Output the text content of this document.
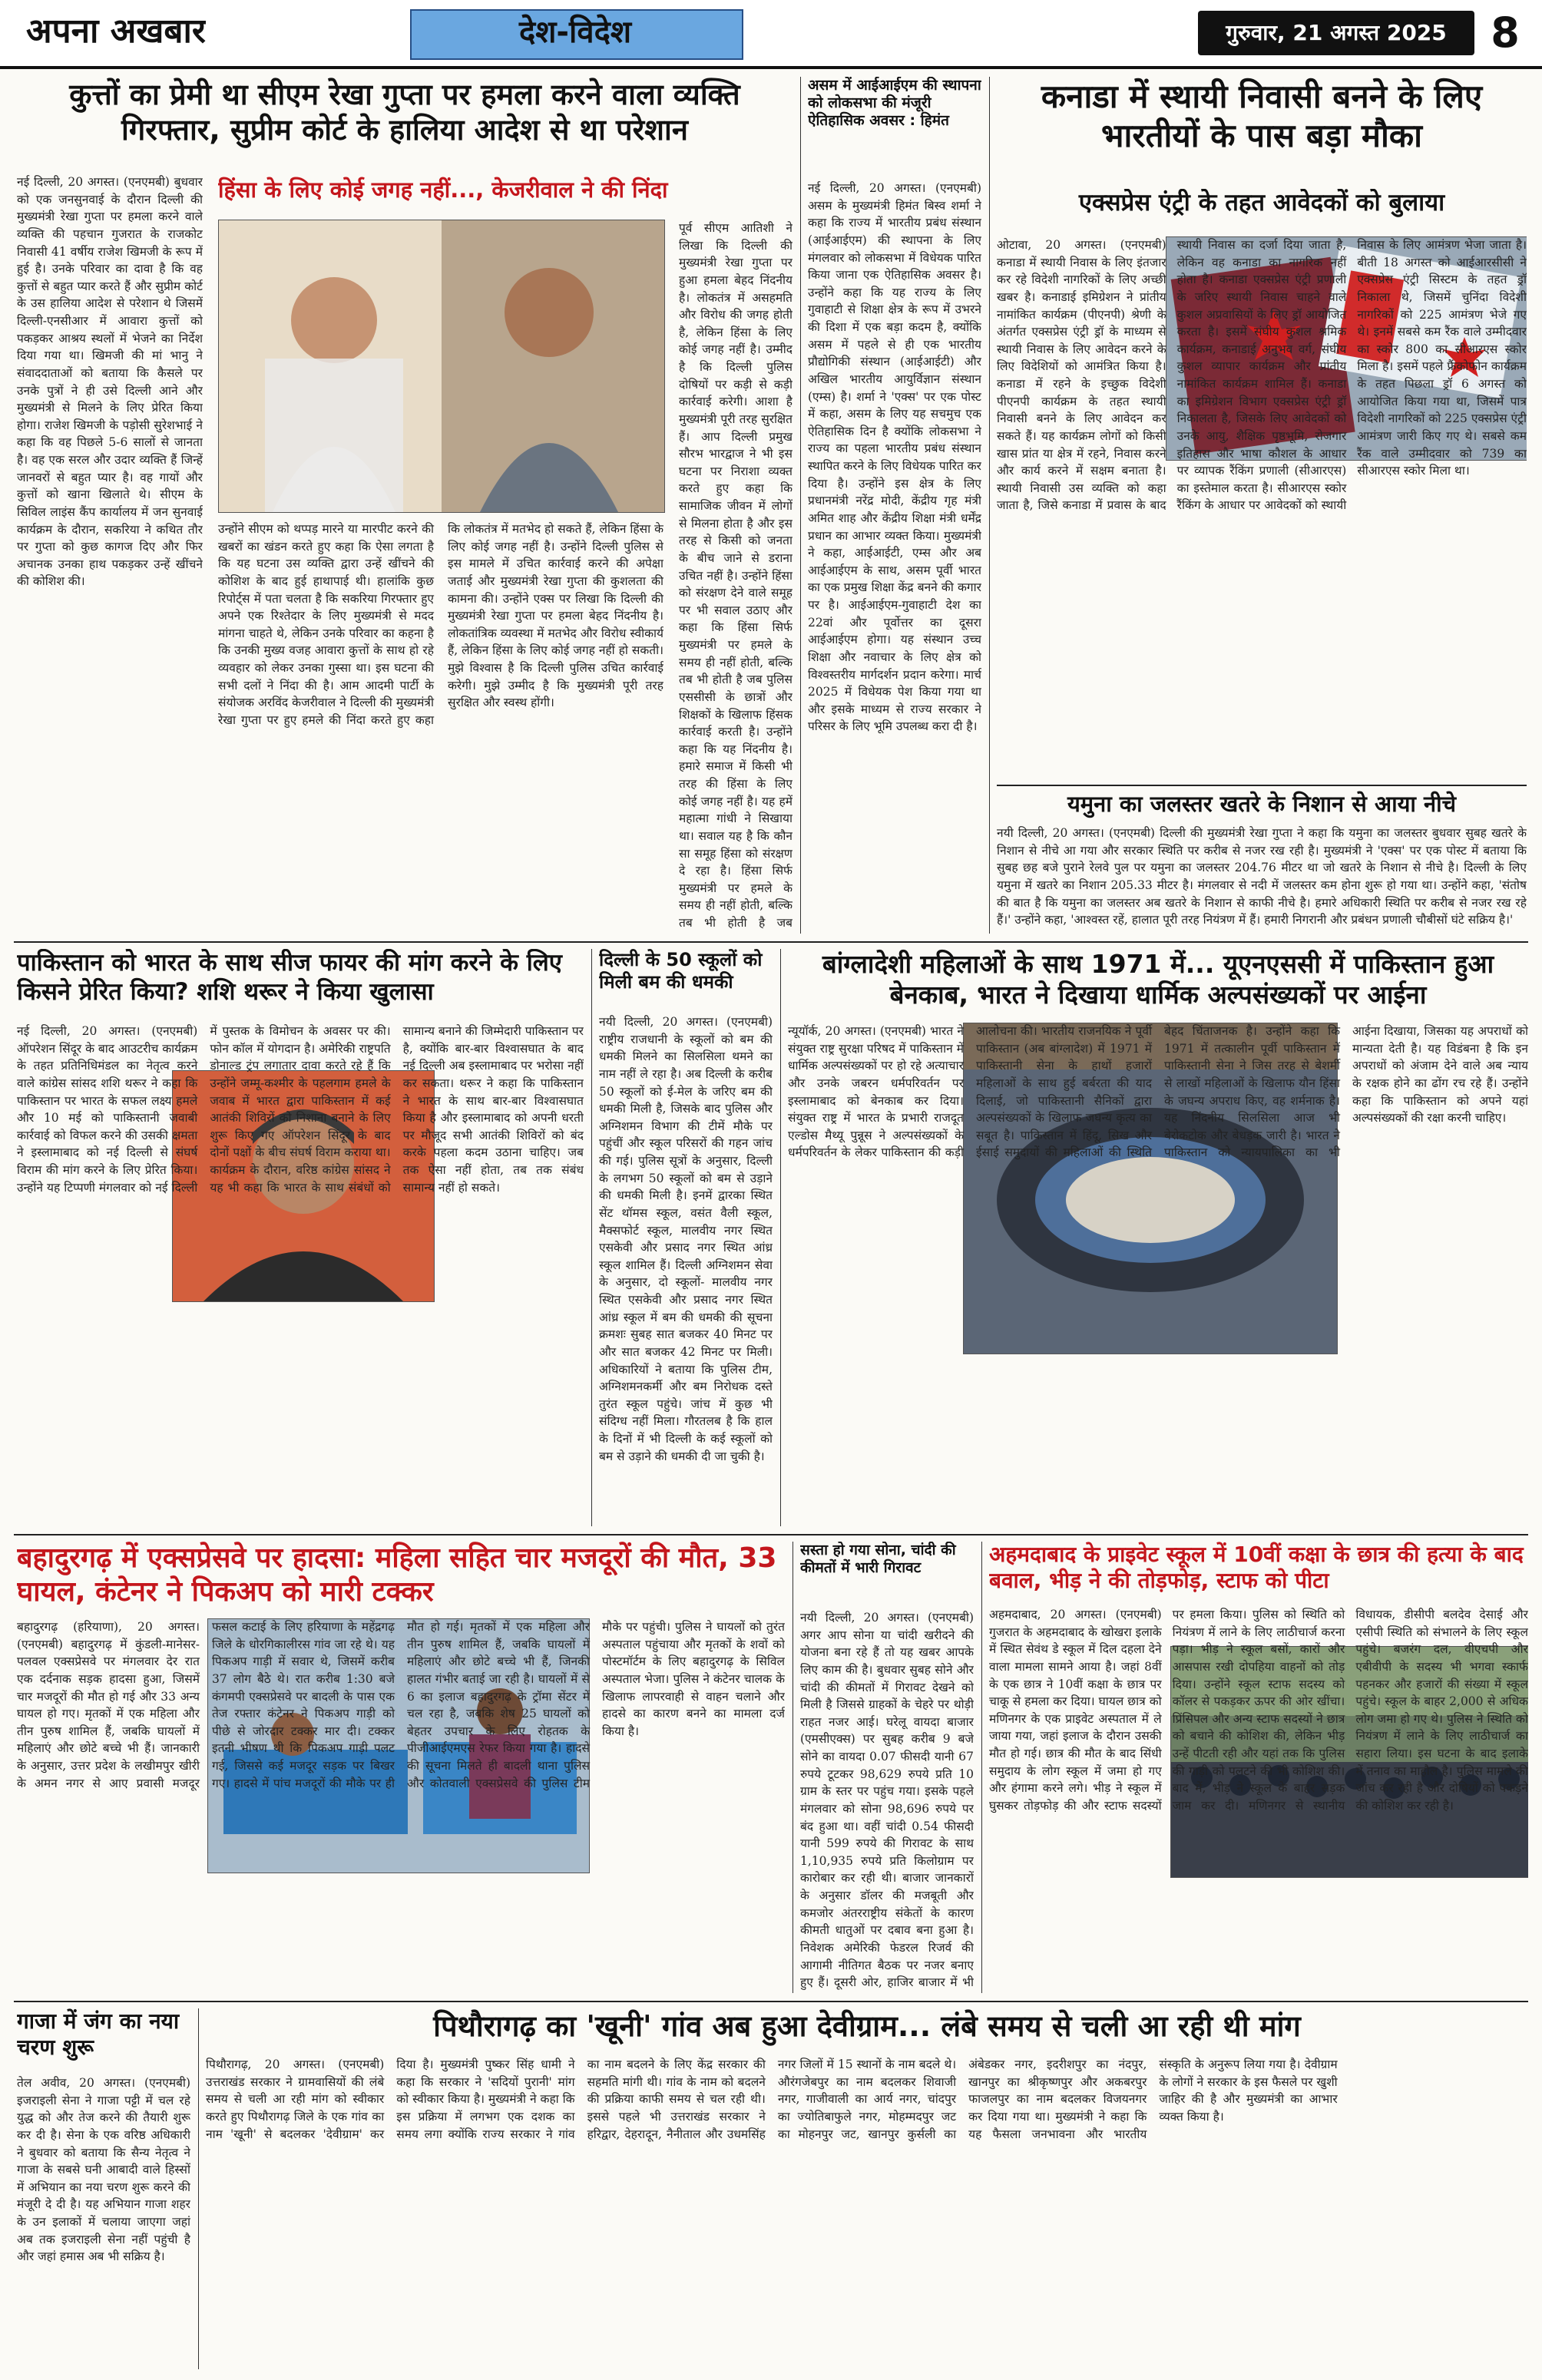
अपना अखबार	देश-विदेश	गुरुवार, 21 अगस्त 2025	8
कुत्तों का प्रेमी था सीएम रेखा गुप्ता पर हमला करने वाला व्यक्ति गिरफ्तार, सुप्रीम कोर्ट के हालिया आदेश से था परेशान
नई दिल्ली, 20 अगस्त। (एनएमबी) बुधवार को एक जनसुनवाई के दौरान दिल्ली की मुख्यमंत्री रेखा गुप्ता पर हमला करने वाले व्यक्ति की पहचान गुजरात के राजकोट निवासी 41 वर्षीय राजेश खिमजी के रूप में हुई है। उनके परिवार का दावा है कि वह कुत्तों से बहुत प्यार करते हैं और सुप्रीम कोर्ट के उस हालिया आदेश से परेशान थे जिसमें दिल्ली-एनसीआर में आवारा कुत्तों को पकड़कर आश्रय स्थलों में भेजने का निर्देश दिया गया था। खिमजी की मां भानु ने संवाददाताओं को बताया कि कैसले पर उनके पुत्रों ने ही उसे दिल्ली आने और मुख्यमंत्री से मिलने के लिए प्रेरित किया होगा। राजेश खिमजी के पड़ोसी सुरेशभाई ने कहा कि वह पिछले 5-6 सालों से जानता है। वह एक सरल और उदार व्यक्ति हैं जिन्हें जानवरों से बहुत प्यार है। वह गायों और कुत्तों को खाना खिलाते थे। सीएम के सिविल लाइंस कैंप कार्यालय में जन सुनवाई कार्यक्रम के दौरान, सकरिया ने कथित तौर पर गुप्ता को कुछ कागज दिए और फिर अचानक उनका हाथ पकड़कर उन्हें खींचने की कोशिश की।
हिंसा के लिए कोई जगह नहीं..., केजरीवाल ने की निंदा
उन्होंने सीएम को थप्पड़ मारने या मारपीट करने की खबरों का खंडन करते हुए कहा कि ऐसा लगता है कि यह घटना उस व्यक्ति द्वारा उन्हें खींचने की कोशिश के बाद हुई हाथापाई थी। हालांकि कुछ रिपोर्ट्स में पता चलता है कि सकरिया गिरफ्तार हुए अपने एक रिश्तेदार के लिए मुख्यमंत्री से मदद मांगना चाहते थे, लेकिन उनके परिवार का कहना है कि उनकी मुख्य वजह आवारा कुत्तों के साथ हो रहे व्यवहार को लेकर उनका गुस्सा था। इस घटना की सभी दलों ने निंदा की है। आम आदमी पार्टी के संयोजक अरविंद केजरीवाल ने दिल्ली की मुख्यमंत्री रेखा गुप्ता पर हुए हमले की निंदा करते हुए कहा कि लोकतंत्र में मतभेद हो सकते हैं, लेकिन हिंसा के लिए कोई जगह नहीं है। उन्होंने दिल्ली पुलिस से इस मामले में उचित कार्रवाई करने की अपेक्षा जताई और मुख्यमंत्री रेखा गुप्ता की कुशलता की कामना की। उन्होंने एक्स पर लिखा कि दिल्ली की मुख्यमंत्री रेखा गुप्ता पर हमला बेहद निंदनीय है। लोकतांत्रिक व्यवस्था में मतभेद और विरोध स्वीकार्य हैं, लेकिन हिंसा के लिए कोई जगह नहीं हो सकती। मुझे विश्वास है कि दिल्ली पुलिस उचित कार्रवाई करेगी। मुझे उम्मीद है कि मुख्यमंत्री पूरी तरह सुरक्षित और स्वस्थ होंगी।
पूर्व सीएम आतिशी ने लिखा कि दिल्ली की मुख्यमंत्री रेखा गुप्ता पर हुआ हमला बेहद निंदनीय है। लोकतंत्र में असहमति और विरोध की जगह होती है, लेकिन हिंसा के लिए कोई जगह नहीं है। उम्मीद है कि दिल्ली पुलिस दोषियों पर कड़ी से कड़ी कार्रवाई करेगी। आशा है मुख्यमंत्री पूरी तरह सुरक्षित हैं। आप दिल्ली प्रमुख सौरभ भारद्वाज ने भी इस घटना पर निराशा व्यक्त करते हुए कहा कि सामाजिक जीवन में लोगों से मिलना होता है और इस तरह से किसी को जनता के बीच जाने से डराना उचित नहीं है। उन्होंने हिंसा को संरक्षण देने वाले समूह पर भी सवाल उठाए और कहा कि हिंसा सिर्फ मुख्यमंत्री पर हमले के समय ही नहीं होती, बल्कि तब भी होती है जब पुलिस एससीसी के छात्रों और शिक्षकों के खिलाफ हिंसक कार्रवाई करती है। उन्होंने कहा कि यह निंदनीय है। हमारे समाज में किसी भी तरह की हिंसा के लिए कोई जगह नहीं है। यह हमें महात्मा गांधी ने सिखाया था। सवाल यह है कि कौन सा समूह हिंसा को संरक्षण दे रहा है। हिंसा सिर्फ मुख्यमंत्री पर हमले के समय ही नहीं होती, बल्कि तब भी होती है जब
असम में आईआईएम की स्थापना को लोकसभा की मंजूरी ऐतिहासिक अवसर : हिमंत
नई दिल्ली, 20 अगस्त। (एनएमबी) असम के मुख्यमंत्री हिमंत बिस्व शर्मा ने कहा कि राज्य में भारतीय प्रबंध संस्थान (आईआईएम) की स्थापना के लिए मंगलवार को लोकसभा में विधेयक पारित किया जाना एक ऐतिहासिक अवसर है। उन्होंने कहा कि यह राज्य के लिए गुवाहाटी से शिक्षा क्षेत्र के रूप में उभरने की दिशा में एक बड़ा कदम है, क्योंकि असम में पहले से ही एक भारतीय प्रौद्योगिकी संस्थान (आईआईटी) और अखिल भारतीय आयुर्विज्ञान संस्थान (एम्स) है। शर्मा ने 'एक्स' पर एक पोस्ट में कहा, असम के लिए यह सचमुच एक ऐतिहासिक दिन है क्योंकि लोकसभा ने राज्य का पहला भारतीय प्रबंध संस्थान स्थापित करने के लिए विधेयक पारित कर दिया है। उन्होंने इस क्षेत्र के लिए प्रधानमंत्री नरेंद्र मोदी, केंद्रीय गृह मंत्री अमित शाह और केंद्रीय शिक्षा मंत्री धर्मेंद्र प्रधान का आभार व्यक्त किया। मुख्यमंत्री ने कहा, आईआईटी, एम्स और अब आईआईएम के साथ, असम पूर्वी भारत का एक प्रमुख शिक्षा केंद्र बनने की कगार पर है। आईआईएम-गुवाहाटी देश का 22वां और पूर्वोत्तर का दूसरा आईआईएम होगा। यह संस्थान उच्च शिक्षा और नवाचार के लिए क्षेत्र को विश्वस्तरीय मार्गदर्शन प्रदान करेगा। मार्च 2025 में विधेयक पेश किया गया था और इसके माध्यम से राज्य सरकार ने परिसर के लिए भूमि उपलब्ध करा दी है।
कनाडा में स्थायी निवासी बनने के लिए भारतीयों के पास बड़ा मौका
एक्सप्रेस एंट्री के तहत आवेदकों को बुलाया
ओटावा, 20 अगस्त। (एनएमबी) कनाडा में स्थायी निवास के लिए इंतजार कर रहे विदेशी नागरिकों के लिए अच्छी खबर है। कनाडाई इमिग्रेशन ने प्रांतीय नामांकित कार्यक्रम (पीएनपी) श्रेणी के अंतर्गत एक्सप्रेस एंट्री ड्रॉ के माध्यम से स्थायी निवास के लिए आवेदन करने के लिए विदेशियों को आमंत्रित किया है। कनाडा में रहने के इच्छुक विदेशी पीएनपी कार्यक्रम के तहत स्थायी निवासी बनने के लिए आवेदन कर सकते हैं। यह कार्यक्रम लोगों को किसी खास प्रांत या क्षेत्र में रहने, निवास करने और कार्य करने में सक्षम बनाता है। स्थायी निवासी उस व्यक्ति को कहा जाता है, जिसे कनाडा में प्रवास के बाद स्थायी निवास का दर्जा दिया जाता है, लेकिन वह कनाडा का नागरिक नहीं होता है। कनाडा एक्सप्रेस एंट्री प्रणाली के जरिए स्थायी निवास चाहने वाले कुशल अप्रवासियों के लिए ड्रॉ आयोजित करता है। इसमें संघीय कुशल श्रमिक कार्यक्रम, कनाडाई अनुभव वर्ग, संघीय कुशल व्यापार कार्यक्रम और प्रांतीय नामांकित कार्यक्रम शामिल हैं। कनाडा का इमिग्रेशन विभाग एक्सप्रेस एंट्री ड्रॉ निकालता है, जिसके लिए आवेदकों को उनके आयु, शैक्षिक पृष्ठभूमि, रोजगार इतिहास और भाषा कौशल के आधार पर व्यापक रैंकिंग प्रणाली (सीआरएस) का इस्तेमाल करता है। सीआरएस स्कोर रैंकिंग के आधार पर आवेदकों को स्थायी निवास के लिए आमंत्रण भेजा जाता है। बीती 18 अगस्त को आईआरसीसी ने एक्सप्रेस एंट्री सिस्टम के तहत ड्रॉ निकाला थे, जिसमें चुनिंदा विदेशी नागरिकों को 225 आमंत्रण भेजे गए थे। इनमें सबसे कम रैंक वाले उम्मीदवार का स्कोर 800 का सीआरएस स्कोर मिला है। इसमें पहले फ्रैंकोफोन कार्यक्रम के तहत पिछला ड्रॉ 6 अगस्त को आयोजित किया गया था, जिसमें पात्र विदेशी नागरिकों को 225 एक्सप्रेस एंट्री आमंत्रण जारी किए गए थे। सबसे कम रैंक वाले उम्मीदवार को 739 का सीआरएस स्कोर मिला था।
यमुना का जलस्तर खतरे के निशान से आया नीचे
नयी दिल्ली, 20 अगस्त। (एनएमबी) दिल्ली की मुख्यमंत्री रेखा गुप्ता ने कहा कि यमुना का जलस्तर बुधवार सुबह खतरे के निशान से नीचे आ गया और सरकार स्थिति पर करीब से नजर रख रही है। मुख्यमंत्री ने 'एक्स' पर एक पोस्ट में बताया कि सुबह छह बजे पुराने रेलवे पुल पर यमुना का जलस्तर 204.76 मीटर था जो खतरे के निशान से नीचे है। दिल्ली के लिए यमुना में खतरे का निशान 205.33 मीटर है। मंगलवार से नदी में जलस्तर कम होना शुरू हो गया था। उन्होंने कहा, 'संतोष की बात है कि यमुना का जलस्तर अब खतरे के निशान से काफी नीचे है। हमारे अधिकारी स्थिति पर करीब से नजर रख रहे हैं।' उन्होंने कहा, 'आश्वस्त रहें, हालात पूरी तरह नियंत्रण में हैं। हमारी निगरानी और प्रबंधन प्रणाली चौबीसों घंटे सक्रिय है।'
पाकिस्तान को भारत के साथ सीज फायर की मांग करने के लिए किसने प्रेरित किया? शशि थरूर ने किया खुलासा
नई दिल्ली, 20 अगस्त। (एनएमबी) ऑपरेशन सिंदूर के बाद आउटरीच कार्यक्रम के तहत प्रतिनिधिमंडल का नेतृत्व करने वाले कांग्रेस सांसद शशि थरूर ने कहा कि पाकिस्तान पर भारत के सफल लक्ष्य हमले और 10 मई को पाकिस्तानी जवाबी कार्रवाई को विफल करने की उसकी क्षमता ने इस्लामाबाद को नई दिल्ली से संघर्ष विराम की मांग करने के लिए प्रेरित किया। उन्होंने यह टिप्पणी मंगलवार को नई दिल्ली में पुस्तक के विमोचन के अवसर पर की। फोन कॉल में योगदान है। अमेरिकी राष्ट्रपति डोनाल्ड ट्रंप लगातार दावा करते रहे हैं कि उन्होंने जम्मू-कश्मीर के पहलगाम हमले के जवाब में भारत द्वारा पाकिस्तान में कई आतंकी शिविरों को निशाना बनाने के लिए शुरू किए गए ऑपरेशन सिंदूर के बाद दोनों पक्षों के बीच संघर्ष विराम कराया था। कार्यक्रम के दौरान, वरिष्ठ कांग्रेस सांसद ने यह भी कहा कि भारत के साथ संबंधों को सामान्य बनाने की जिम्मेदारी पाकिस्तान पर है, क्योंकि बार-बार विश्वासघात के बाद नई दिल्ली अब इस्लामाबाद पर भरोसा नहीं कर सकता। थरूर ने कहा कि पाकिस्तान ने भारत के साथ बार-बार विश्वासघात किया है और इस्लामाबाद को अपनी धरती पर मौजूद सभी आतंकी शिविरों को बंद करके पहला कदम उठाना चाहिए। जब तक ऐसा नहीं होता, तब तक संबंध सामान्य नहीं हो सकते।
दिल्ली के 50 स्कूलों को मिली बम की धमकी
नयी दिल्ली, 20 अगस्त। (एनएमबी) राष्ट्रीय राजधानी के स्कूलों को बम की धमकी मिलने का सिलसिला थमने का नाम नहीं ले रहा है। अब दिल्ली के करीब 50 स्कूलों को ई-मेल के जरिए बम की धमकी मिली है, जिसके बाद पुलिस और अग्निशमन विभाग की टीमें मौके पर पहुंचीं और स्कूल परिसरों की गहन जांच की गई। पुलिस सूत्रों के अनुसार, दिल्ली के लगभग 50 स्कूलों को बम से उड़ाने की धमकी मिली है। इनमें द्वारका स्थित सेंट थॉमस स्कूल, वसंत वैली स्कूल, मैक्सफोर्ट स्कूल, मालवीय नगर स्थित एसकेवी और प्रसाद नगर स्थित आंध्र स्कूल शामिल हैं। दिल्ली अग्निशमन सेवा के अनुसार, दो स्कूलों- मालवीय नगर स्थित एसकेवी और प्रसाद नगर स्थित आंध्र स्कूल में बम की धमकी की सूचना क्रमशः सुबह सात बजकर 40 मिनट पर और सात बजकर 42 मिनट पर मिली। अधिकारियों ने बताया कि पुलिस टीम, अग्निशमनकर्मी और बम निरोधक दस्ते तुरंत स्कूल पहुंचे। जांच में कुछ भी संदिग्ध नहीं मिला। गौरतलब है कि हाल के दिनों में भी दिल्ली के कई स्कूलों को बम से उड़ाने की धमकी दी जा चुकी है।
बांग्लादेशी महिलाओं के साथ 1971 में... यूएनएससी में पाकिस्तान हुआ बेनकाब, भारत ने दिखाया धार्मिक अल्पसंख्यकों पर आईना
न्यूयॉर्क, 20 अगस्त। (एनएमबी) भारत ने संयुक्त राष्ट्र सुरक्षा परिषद में पाकिस्तान में धार्मिक अल्पसंख्यकों पर हो रहे अत्याचार और उनके जबरन धर्मपरिवर्तन पर इस्लामाबाद को बेनकाब कर दिया। संयुक्त राष्ट्र में भारत के प्रभारी राजदूत एल्डोस मैथ्यू पुन्नूस ने अल्पसंख्यकों के धर्मपरिवर्तन के लेकर पाकिस्तान की कड़ी आलोचना की। भारतीय राजनयिक ने पूर्वी पाकिस्तान (अब बांग्लादेश) में 1971 में पाकिस्तानी सेना के हाथों हजारों महिलाओं के साथ हुई बर्बरता की याद दिलाई, जो पाकिस्तानी सैनिकों द्वारा अल्पसंख्यकों के खिलाफ जघन्य कृत्य का सबूत है। पाकिस्तान में हिंदू, सिख और ईसाई समुदायों की महिलाओं की स्थिति बेहद चिंताजनक है। उन्होंने कहा कि 1971 में तत्कालीन पूर्वी पाकिस्तान में पाकिस्तानी सेना ने जिस तरह से बेशर्मी से लाखों महिलाओं के खिलाफ यौन हिंसा के जघन्य अपराध किए, वह शर्मनाक है। यह निंदनीय सिलसिला आज भी बेरोकटोक और बेधड़क जारी है। भारत ने पाकिस्तान को न्यायपालिका का भी आईना दिखाया, जिसका यह अपराधों को मान्यता देती है। यह विडंबना है कि इन अपराधों को अंजाम देने वाले अब न्याय के रक्षक होने का ढोंग रच रहे हैं। उन्होंने कहा कि पाकिस्तान को अपने यहां अल्पसंख्यकों की रक्षा करनी चाहिए।
बहादुरगढ़ में एक्सप्रेसवे पर हादसा: महिला सहित चार मजदूरों की मौत, 33 घायल, कंटेनर ने पिकअप को मारी टक्कर
बहादुरगढ़ (हरियाणा), 20 अगस्त। (एनएमबी) बहादुरगढ़ में कुंडली-मानेसर-पलवल एक्सप्रेसवे पर मंगलवार देर रात एक दर्दनाक सड़क हादसा हुआ, जिसमें चार मजदूरों की मौत हो गई और 33 अन्य घायल हो गए। मृतकों में एक महिला और तीन पुरुष शामिल हैं, जबकि घायलों में महिलाएं और छोटे बच्चे भी हैं। जानकारी के अनुसार, उत्तर प्रदेश के लखीमपुर खीरी के अमन नगर से आए प्रवासी मजदूर फसल कटाई के लिए हरियाणा के महेंद्रगढ़ जिले के धोरगिकालीरस गांव जा रहे थे। यह पिकअप गाड़ी में सवार थे, जिसमें करीब 37 लोग बैठे थे। रात करीब 1:30 बजे कंगमपी एक्सप्रेसवे पर बादली के पास एक तेज रफ्तार कंटेनर ने पिकअप गाड़ी को पीछे से जोरदार टक्कर मार दी। टक्कर इतनी भीषण थी कि पिकअप गाड़ी पलट गई, जिससे कई मजदूर सड़क पर बिखर गए। हादसे में पांच मजदूरों की मौके पर ही मौत हो गई। मृतकों में एक महिला और तीन पुरुष शामिल हैं, जबकि घायलों में महिलाएं और छोटे बच्चे भी हैं, जिनकी हालत गंभीर बताई जा रही है। घायलों में से 6 का इलाज बहादुरगढ़ के ट्रॉमा सेंटर में चल रहा है, जबकि शेष 25 घायलों को बेहतर उपचार के लिए रोहतक के पीजीआईएमएस रेफर किया गया है। हादसे की सूचना मिलते ही बादली थाना पुलिस और कोतवाली एक्सप्रेसवे की पुलिस टीम मौके पर पहुंची। पुलिस ने घायलों को तुरंत अस्पताल पहुंचाया और मृतकों के शवों को पोस्टमॉर्टम के लिए बहादुरगढ़ के सिविल अस्पताल भेजा। पुलिस ने कंटेनर चालक के खिलाफ लापरवाही से वाहन चलाने और हादसे का कारण बनने का मामला दर्ज किया है।
सस्ता हो गया सोना, चांदी की कीमतों में भारी गिरावट
नयी दिल्ली, 20 अगस्त। (एनएमबी) अगर आप सोना या चांदी खरीदने की योजना बना रहे हैं तो यह खबर आपके लिए काम की है। बुधवार सुबह सोने और चांदी की कीमतों में गिरावट देखने को मिली है जिससे ग्राहकों के चेहरे पर थोड़ी राहत नजर आई। घरेलू वायदा बाजार (एमसीएक्स) पर सुबह करीब 9 बजे सोने का वायदा 0.07 फीसदी यानी 67 रुपये टूटकर 98,629 रुपये प्रति 10 ग्राम के स्तर पर पहुंच गया। इसके पहले मंगलवार को सोना 98,696 रुपये पर बंद हुआ था। वहीं चांदी 0.54 फीसदी यानी 599 रुपये की गिरावट के साथ 1,10,935 रुपये प्रति किलोग्राम पर कारोबार कर रही थी। बाजार जानकारों के अनुसार डॉलर की मजबूती और कमजोर अंतरराष्ट्रीय संकेतों के कारण कीमती धातुओं पर दबाव बना हुआ है। निवेशक अमेरिकी फेडरल रिजर्व की आगामी नीतिगत बैठक पर नजर बनाए हुए हैं। दूसरी ओर, हाजिर बाजार में भी
अहमदाबाद के प्राइवेट स्कूल में 10वीं कक्षा के छात्र की हत्या के बाद बवाल, भीड़ ने की तोड़फोड़, स्टाफ को पीटा
अहमदाबाद, 20 अगस्त। (एनएमबी) गुजरात के अहमदाबाद के खोखरा इलाके में स्थित सेवंथ डे स्कूल में दिल दहला देने वाला मामला सामने आया है। जहां 8वीं के एक छात्र ने 10वीं कक्षा के छात्र पर चाकू से हमला कर दिया। घायल छात्र को मणिनगर के एक प्राइवेट अस्पताल में ले जाया गया, जहां इलाज के दौरान उसकी मौत हो गई। छात्र की मौत के बाद सिंधी समुदाय के लोग स्कूल में जमा हो गए और हंगामा करने लगे। भीड़ ने स्कूल में घुसकर तोड़फोड़ की और स्टाफ सदस्यों पर हमला किया। पुलिस को स्थिति को नियंत्रण में लाने के लिए लाठीचार्ज करना पड़ा। भीड़ ने स्कूल बसों, कारों और आसपास रखी दोपहिया वाहनों को तोड़ दिया। उन्होंने स्कूल स्टाफ सदस्य को कॉलर से पकड़कर ऊपर की ओर खींचा। प्रिंसिपल और अन्य स्टाफ सदस्यों ने छात्र को बचाने की कोशिश की, लेकिन भीड़ उन्हें पीटती रही और यहां तक कि पुलिस की गाड़ी को पलटने की भी कोशिश की। बाद में, भीड़ ने स्कूल के बाहर सड़क जाम कर दी। मणिनगर से स्थानीय विधायक, डीसीपी बलदेव देसाई और एसीपी स्थिति को संभालने के लिए स्कूल पहुंचे। बजरंग दल, वीएचपी और एबीवीपी के सदस्य भी भगवा स्कार्फ पहनकर और हजारों की संख्या में स्कूल पहुंचे। स्कूल के बाहर 2,000 से अधिक लोग जमा हो गए थे। पुलिस ने स्थिति को नियंत्रण में लाने के लिए लाठीचार्ज का सहारा लिया। इस घटना के बाद इलाके में तनाव का माहौल है। पुलिस मामले की जांच कर रही है और दोषियों को पकड़ने की कोशिश कर रही है।
गाजा में जंग का नया चरण शुरू
तेल अवीव, 20 अगस्त। (एनएमबी) इजराइली सेना ने गाजा पट्टी में चल रहे युद्ध को और तेज करने की तैयारी शुरू कर दी है। सेना के एक वरिष्ठ अधिकारी ने बुधवार को बताया कि सैन्य नेतृत्व ने गाजा के सबसे घनी आबादी वाले हिस्सों में अभियान का नया चरण शुरू करने की मंजूरी दे दी है। यह अभियान गाजा शहर के उन इलाकों में चलाया जाएगा जहां अब तक इजराइली सेना नहीं पहुंची है और जहां हमास अब भी सक्रिय है।
पिथौरागढ़ का 'खूनी' गांव अब हुआ देवीग्राम... लंबे समय से चली आ रही थी मांग
पिथौरागढ़, 20 अगस्त। (एनएमबी) उत्तराखंड सरकार ने ग्रामवासियों की लंबे समय से चली आ रही मांग को स्वीकार करते हुए पिथौरागढ़ जिले के एक गांव का नाम 'खूनी' से बदलकर 'देवीग्राम' कर दिया है। मुख्यमंत्री पुष्कर सिंह धामी ने कहा कि सरकार ने 'सदियों पुरानी' मांग को स्वीकार किया है। मुख्यमंत्री ने कहा कि इस प्रक्रिया में लगभग एक दशक का समय लगा क्योंकि राज्य सरकार ने गांव का नाम बदलने के लिए केंद्र सरकार की सहमति मांगी थी। गांव के नाम को बदलने की प्रक्रिया काफी समय से चल रही थी। इससे पहले भी उत्तराखंड सरकार ने हरिद्वार, देहरादून, नैनीताल और उधमसिंह नगर जिलों में 15 स्थानों के नाम बदले थे। औरंगजेबपुर का नाम बदलकर शिवाजी नगर, गाजीवाली का आर्य नगर, चांदपुर का ज्योतिबाफुले नगर, मोहम्मदपुर जट का मोहनपुर जट, खानपुर कुर्सली का अंबेडकर नगर, इदरीशपुर का नंदपुर, खानपुर का श्रीकृष्णपुर और अकबरपुर फाजलपुर का नाम बदलकर विजयनगर कर दिया गया था। मुख्यमंत्री ने कहा कि यह फैसला जनभावना और भारतीय संस्कृति के अनुरूप लिया गया है। देवीग्राम के लोगों ने सरकार के इस फैसले पर खुशी जाहिर की है और मुख्यमंत्री का आभार व्यक्त किया है।
